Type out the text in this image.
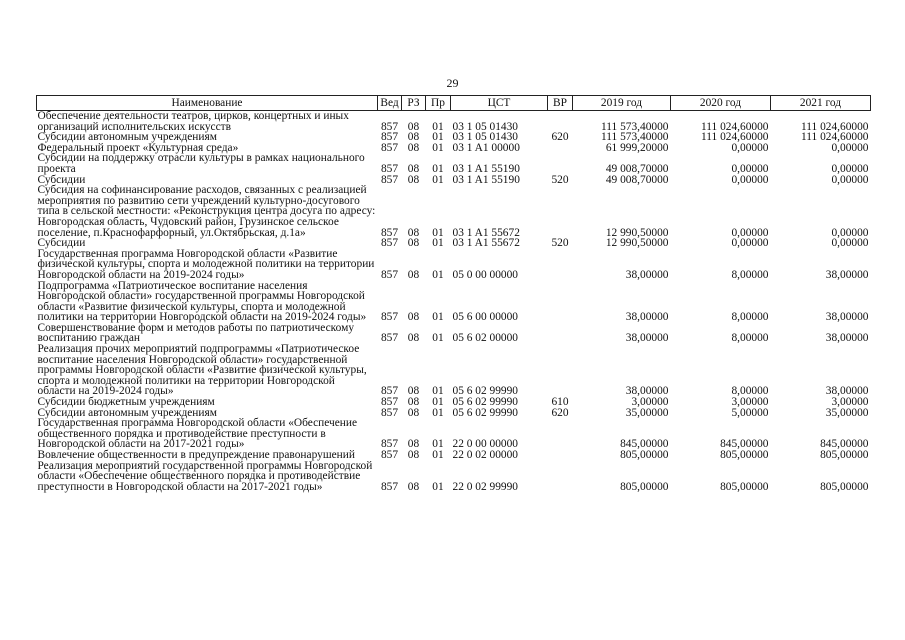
29
Наименование	Вед	РЗ	Пр	ЦСТ	ВР	2019 год	2020 год	2021 год
Обеспечение деятельности театров, цирков, концертных и иных организаций исполнительских искусств	857	08	01	03 1 05 01430		111 573,40000	111 024,60000	111 024,60000
Субсидии автономным учреждениям	857	08	01	03 1 05 01430	620	111 573,40000	111 024,60000	111 024,60000
Федеральный проект «Культурная среда»	857	08	01	03 1 A1 00000		61 999,20000	0,00000	0,00000
Субсидии на поддержку отрасли культуры в рамках национального проекта	857	08	01	03 1 A1 55190		49 008,70000	0,00000	0,00000
Субсидии	857	08	01	03 1 A1 55190	520	49 008,70000	0,00000	0,00000
Субсидия на софинансирование расходов, связанных с реализацией мероприятия по развитию сети учреждений культурно-досугового типа в сельской местности: «Реконструкция центра досуга по адресу: Новгородская область, Чудовский район, Грузинское сельское поселение, п.Краснофарфорный, ул.Октябрьская, д.1а»	857	08	01	03 1 A1 55672		12 990,50000	0,00000	0,00000
Субсидии	857	08	01	03 1 A1 55672	520	12 990,50000	0,00000	0,00000
Государственная программа Новгородской области «Развитие физической культуры, спорта и молодежной политики на территории Новгородской области на 2019-2024 годы»	857	08	01	05 0 00 00000		38,00000	8,00000	38,00000
Подпрограмма «Патриотическое воспитание населения Новгородской области» государственной программы Новгородской области «Развитие физической культуры, спорта и молодежной политики на территории Новгородской области на 2019-2024 годы»	857	08	01	05 6 00 00000		38,00000	8,00000	38,00000
Совершенствование форм и методов работы по патриотическому воспитанию граждан	857	08	01	05 6 02 00000		38,00000	8,00000	38,00000
Реализация прочих мероприятий подпрограммы «Патриотическое воспитание населения Новгородской области» государственной программы Новгородской области «Развитие физической культуры, спорта и молодежной политики на территории Новгородской области на 2019-2024 годы»	857	08	01	05 6 02 99990		38,00000	8,00000	38,00000
Субсидии бюджетным учреждениям	857	08	01	05 6 02 99990	610	3,00000	3,00000	3,00000
Субсидии автономным учреждениям	857	08	01	05 6 02 99990	620	35,00000	5,00000	35,00000
Государственная программа Новгородской области «Обеспечение общественного порядка и противодействие преступности в Новгородской области на 2017-2021 годы»	857	08	01	22 0 00 00000		845,00000	845,00000	845,00000
Вовлечение общественности в предупреждение правонарушений	857	08	01	22 0 02 00000		805,00000	805,00000	805,00000
Реализация мероприятий государственной программы Новгородской области «Обеспечение общественного порядка и противодействие преступности в Новгородской области на 2017-2021 годы»	857	08	01	22 0 02 99990		805,00000	805,00000	805,00000
